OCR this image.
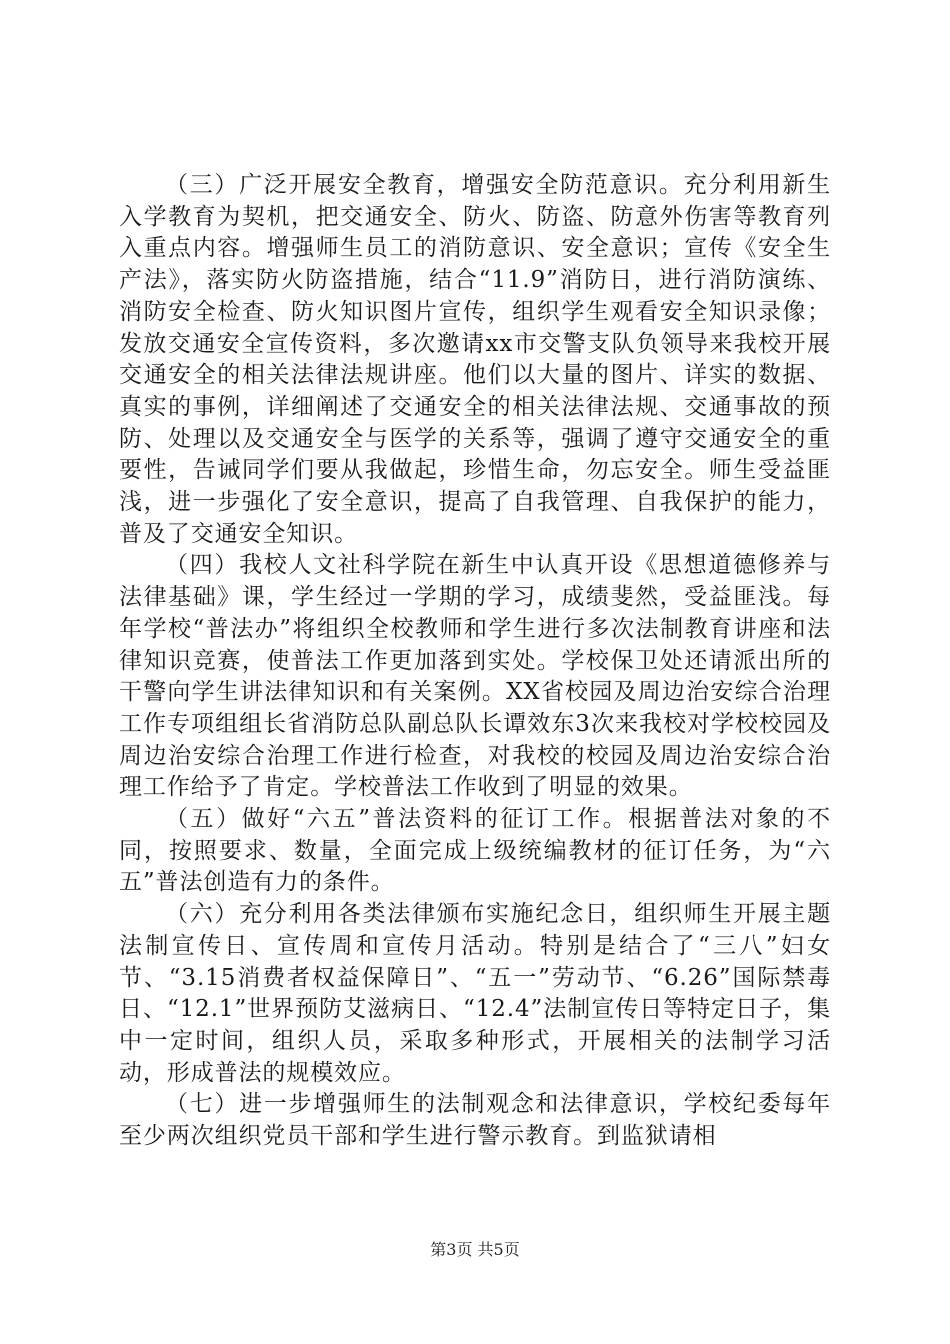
（三）广泛开展安全教育，增强安全防范意识。充分利用新生入学教育为契机，把交通安全、防火、防盗、防意外伤害等教育列入重点内容。增强师生员工的消防意识、安全意识；宣传《安全生产法》，落实防火防盗措施，结合“11.9”消防日，进行消防演练、消防安全检查、防火知识图片宣传，组织学生观看安全知识录像；发放交通安全宣传资料，多次邀请xx市交警支队负领导来我校开展交通安全的相关法律法规讲座。他们以大量的图片、详实的数据、真实的事例，详细阐述了交通安全的相关法律法规、交通事故的预防、处理以及交通安全与医学的关系等，强调了遵守交通安全的重要性，告诫同学们要从我做起，珍惜生命，勿忘安全。师生受益匪浅，进一步强化了安全意识，提高了自我管理、自我保护的能力，普及了交通安全知识。

（四）我校人文社科学院在新生中认真开设《思想道德修养与法律基础》课，学生经过一学期的学习，成绩斐然，受益匪浅。每年学校“普法办”将组织全校教师和学生进行多次法制教育讲座和法律知识竞赛，使普法工作更加落到实处。学校保卫处还请派出所的干警向学生讲法律知识和有关案例。XX省校园及周边治安综合治理工作专项组组长省消防总队副总队长谭效东3次来我校对学校校园及周边治安综合治理工作进行检查，对我校的校园及周边治安综合治理工作给予了肯定。学校普法工作收到了明显的效果。

（五）做好“六五”普法资料的征订工作。根据普法对象的不同，按照要求、数量，全面完成上级统编教材的征订任务，为“六五”普法创造有力的条件。

（六）充分利用各类法律颁布实施纪念日，组织师生开展主题法制宣传日、宣传周和宣传月活动。特别是结合了“三八”妇女节、“3.15消费者权益保障日”、“五一”劳动节、“6.26”国际禁毒日、“12.1”世界预防艾滋病日、“12.4”法制宣传日等特定日子，集中一定时间，组织人员，采取多种形式，开展相关的法制学习活动，形成普法的规模效应。

（七）进一步增强师生的法制观念和法律意识，学校纪委每年至少两次组织党员干部和学生进行警示教育。到监狱请相

第3页 共5页
